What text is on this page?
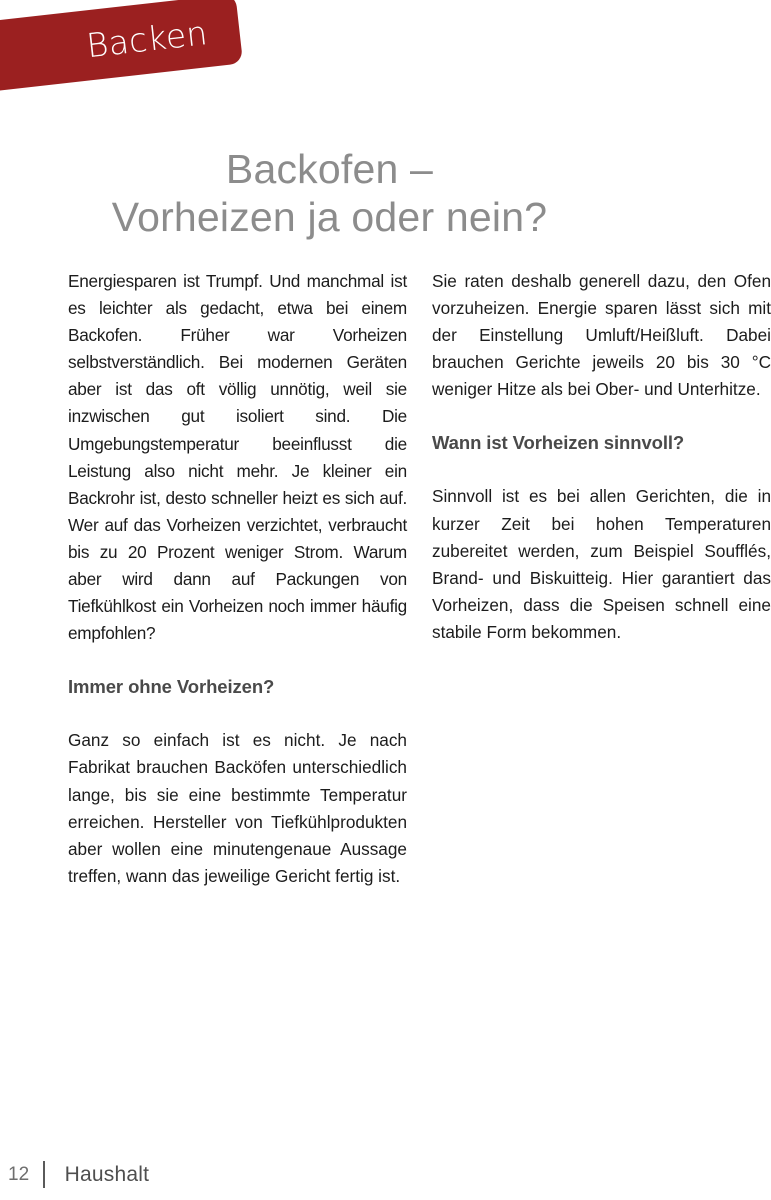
Backen
Backofen –
Vorheizen ja oder nein?

Energiesparen ist Trumpf. Und manchmal ist es leichter als gedacht, etwa bei einem Backofen. Früher war Vorheizen selbstverständlich. Bei modernen Geräten aber ist das oft völlig unnötig, weil sie inzwischen gut isoliert sind. Die Umgebungstemperatur beeinflusst die Leistung also nicht mehr. Je kleiner ein Backrohr ist, desto schneller heizt es sich auf. Wer auf das Vorheizen verzichtet, verbraucht bis zu 20 Prozent weniger Strom. Warum aber wird dann auf Packungen von Tiefkühlkost ein Vorheizen noch immer häufig empfohlen?

Immer ohne Vorheizen?

Ganz so einfach ist es nicht. Je nach Fabrikat brauchen Backöfen unterschiedlich lange, bis sie eine bestimmte Temperatur erreichen. Hersteller von Tiefkühlprodukten aber wollen eine minutengenaue Aussage treffen, wann das jeweilige Gericht fertig ist.

Sie raten deshalb generell dazu, den Ofen vorzuheizen. Energie sparen lässt sich mit der Einstellung Umluft/Heißluft. Dabei brauchen Gerichte jeweils 20 bis 30 °C weniger Hitze als bei Ober- und Unterhitze.

Wann ist Vorheizen sinnvoll?

Sinnvoll ist es bei allen Gerichten, die in kurzer Zeit bei hohen Temperaturen zubereitet werden, zum Beispiel Soufflés, Brand- und Biskuitteig. Hier garantiert das Vorheizen, dass die Speisen schnell eine stabile Form bekommen.

12 Haushalt
